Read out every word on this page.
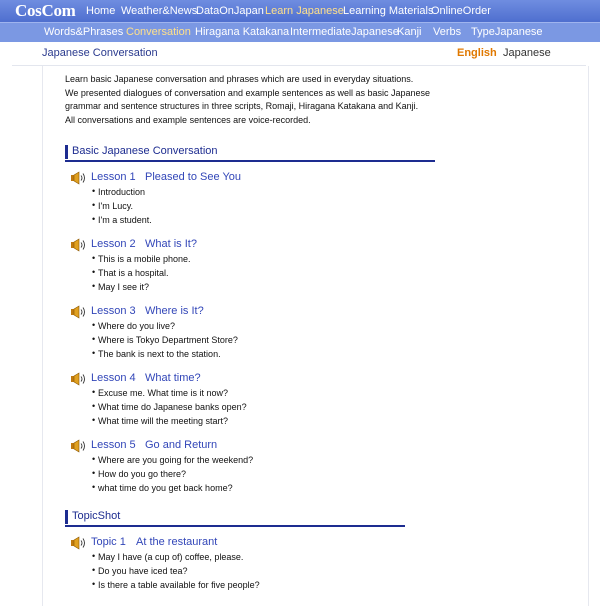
CosCom Home Weather&News
DataOnJapan Learn Japanese Learning Materials
OnlineOrder
Words&Phrases Conversation Hiragana Katakana IntermediateJapanese
Kanji Verbs TypeJapanese
Japanese Conversation	English Japanese
Learn basic Japanese conversation and phrases which are used in everyday situations.
We presented dialogues of conversation and example sentences as well as basic Japanese
grammar and sentence structures in three scripts, Romaji, Hiragana Katakana and Kanji.
All conversations and example sentences are voice-recorded.
Basic Japanese Conversation
Lesson 1 Pleased to See You
• Introduction
• I'm Lucy.
• I'm a student.
Lesson 2 What is It?
• This is a mobile phone.
• That is a hospital.
• May I see it?
Lesson 3 Where is It?
• Where do you live?
• Where is Tokyo Department Store?
• The bank is next to the station.
Lesson 4 What time?
• Excuse me. What time is it now?
• What time do Japanese banks open?
• What time will the meeting start?
Lesson 5 Go and Return
• Where are you going for the weekend?
• How do you go there?
• what time do you get back home?
TopicShot
Topic 1 At the restaurant
• May I have (a cup of) coffee, please.
• Do you have iced tea?
• Is there a table available for five people?
